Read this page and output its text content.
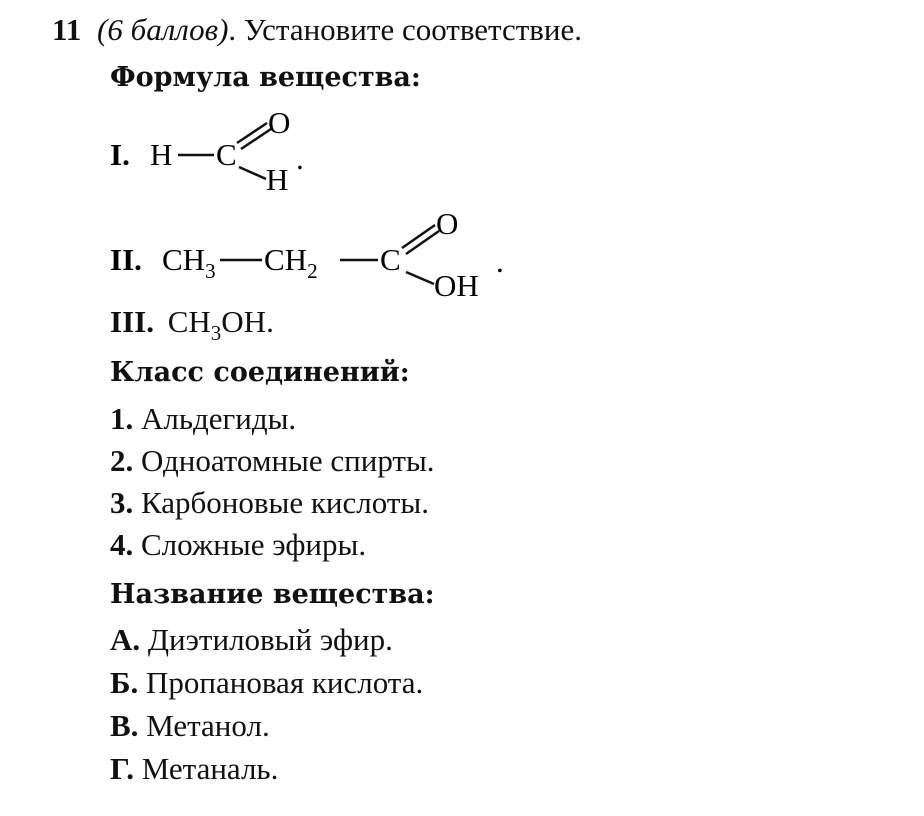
11 (6 баллов). Установите соответствие.
Формула вещества:
I. H C
O
H
.
II. $CH_3$ $CH_2$ C
O
OH
.
III. $CH_3OH$.
Класс соединений:
1. Альдегиды.
2. Одноатомные спирты.
3. Карбоновые кислоты.
4. Сложные эфиры.
Название вещества:
А. Диэтиловый эфир.
Б. Пропановая кислота.
В. Метанол.
Г. Метаналь.
